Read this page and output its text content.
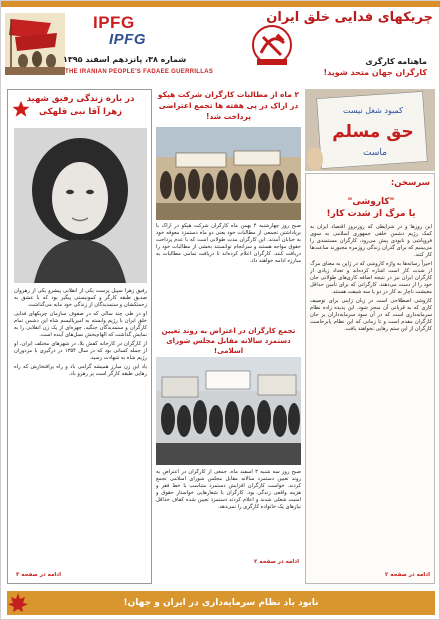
IPFG
IPFG
شماره ۳۸، پانزدهم اسفند ۱۳۹۵
THE IRANIAN PEOPLE'S FADAEE GUERRILLAS
چریکهای فدایی خلق ایران
ماهنامه کارگری
کارگران جهان متحد شوید!
در باره زندگی رفیق شهید
زهرا آقا نبی قلهکی

رفیق زهرا سپیل پرست یکی از انقلابی پیشرو یکی از رهروان صدیق طبقه کارگر و کمونیستی پیگیر بود که با عشق به زحمتکشان و ستمدیدگان از زندگی خود مایه می‌گذاشت.

او در طی چند سالی که در صفوف سازمان چریکهای فدایی خلق ایران با رژیم وابسته به امپریالیسم شاه این دشمن تمام کارگران و ستمدیدگان جنگید، چهره‌ای از یک زن انقلابی را به نمایش گذاشت که الهام‌بخش نسل‌های آینده است.

از کارگران در کارخانه کفش بلا، در شهرهای مختلف ایران، او از جمله کسانی بود که در سال ۱۳۵۴ در درگیری با مزدوران رژیم شاه به شهادت رسید.

یاد این زن مبارز همیشه گرامی باد و راه پرافتخارش که راه رهایی طبقه کارگر است پر رهرو باد.

ادامه در صفحه ۳
۲ ماه از مطالبات کارگران شرکت هپکو در اراک در پی هفته ها تجمع اعتراضی پرداخت شد!
صبح روز چهارشنبه ۴ بهمن ماه کارگران شرکت هپکو در اراک با برپاداشتن تجمعی از مطالبات خود یعنی دو ماه دستمزد معوقه خود به خیابان آمدند. این کارگران مدت طولانی است که با عدم پرداخت حقوق مواجه هستند و سرانجام توانستند بخشی از مطالبات خود را دریافت کنند. کارگران اعلام کرده‌اند تا دریافت تمامی مطالبات به مبارزه ادامه خواهند داد.
تجمع کارگران در اعتراض به روند تعیین دستمزد سالانه مقابل مجلس شورای اسلامی!
صبح روز سه شنبه ۳ اسفند ماه، جمعی از کارگران در اعتراض به روند تعیین دستمزد سالانه مقابل مجلس شورای اسلامی تجمع کردند. خواست کارگران افزایش دستمزد متناسب با خط فقر و هزینه واقعی زندگی بود. کارگران با شعارهایی خواستار حقوق و امنیت شغلی شدند و اعلام کردند دستمزد تعیین شده کفاف حداقل نیازهای یک خانواده کارگری را نمی‌دهد.
ادامه در صفحه ۲
کمبود شغل نیست
حق مسلم
ماست
سرسخن:
"کاروشی"
یا مرگ از شدت کار!

این روزها و در شرایطی که روزبروز اقتصاد ایران به کمک رژیم دشمن خلقی جمهوری اسلامی به سوی فروپاشی و نابودی پیش می‌رود، کارگران مستمندی را می‌بینیم که برای گذران زندگی روزمره مجبورند ساعت‌ها کار کنند.

اخیراً رسانه‌ها به واژه کاروشی که در ژاپن به معنای مرگ از شدت کار است اشاره کرده‌اند و تعداد زیادی از کارگران ایران نیز در نتیجه اضافه کاری‌های طولانی جان خود را از دست می‌دهند. کارگرانی که برای تأمین حداقل معیشت ناچار به کار در دو یا سه شیفت هستند.

کاروشی اصطلاحی است در زبان ژاپنی برای توصیف کاری که به قربانی آن منجر شود. این پدیده زاده نظام سرمایه‌داری است که در آن سود سرمایه‌داران بر جان کارگران مقدم است و تا زمانی که این نظام پابرجاست کارگران از این ستم رهایی نخواهند یافت.

ادامه در صفحه ۲
نابود باد نظام سرمایه‌داری در ایران و جهان!
